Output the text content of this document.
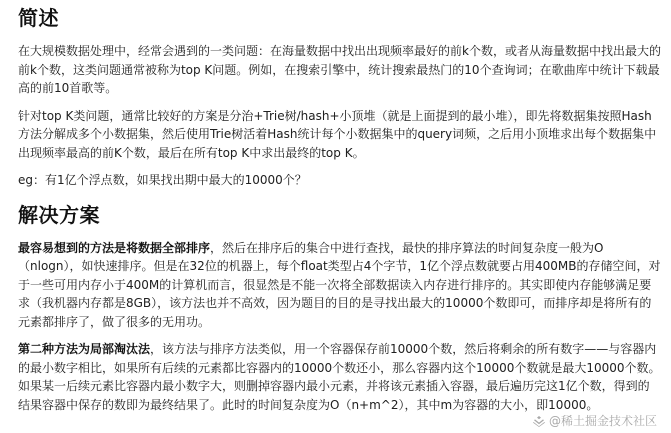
简述

在大规模数据处理中，经常会遇到的一类问题：在海量数据中找出出现频率最好的前k个数，或者从海量数据中找出最大的前k个数，这类问题通常被称为top K问题。例如，在搜索引擎中，统计搜索最热门的10个查询词；在歌曲库中统计下载最高的前10首歌等。

针对top K类问题，通常比较好的方案是分治+Trie树/hash+小顶堆（就是上面提到的最小堆），即先将数据集按照Hash方法分解成多个小数据集，然后使用Trie树活着Hash统计每个小数据集中的query词频，之后用小顶堆求出每个数据集中出现频率最高的前K个数，最后在所有top K中求出最终的top K。

eg：有1亿个浮点数，如果找出期中最大的10000个？

解决方案

最容易想到的方法是将数据全部排序，然后在排序后的集合中进行查找，最快的排序算法的时间复杂度一般为O（nlogn），如快速排序。但是在32位的机器上，每个float类型占4个字节，1亿个浮点数就要占用400MB的存储空间，对于一些可用内存小于400M的计算机而言，很显然是不能一次将全部数据读入内存进行排序的。其实即使内存能够满足要求（我机器内存都是8GB），该方法也并不高效，因为题目的目的是寻找出最大的10000个数即可，而排序却是将所有的元素都排序了，做了很多的无用功。

第二种方法为局部淘汰法，该方法与排序方法类似，用一个容器保存前10000个数，然后将剩余的所有数字——与容器内的最小数字相比，如果所有后续的元素都比容器内的10000个数还小，那么容器内这个10000个数就是最大10000个数。如果某一后续元素比容器内最小数字大，则删掉容器内最小元素，并将该元素插入容器，最后遍历完这1亿个数，得到的结果容器中保存的数即为最终结果了。此时的时间复杂度为O（n+m^2），其中m为容器的大小，即10000。

@稀土掘金技术社区
